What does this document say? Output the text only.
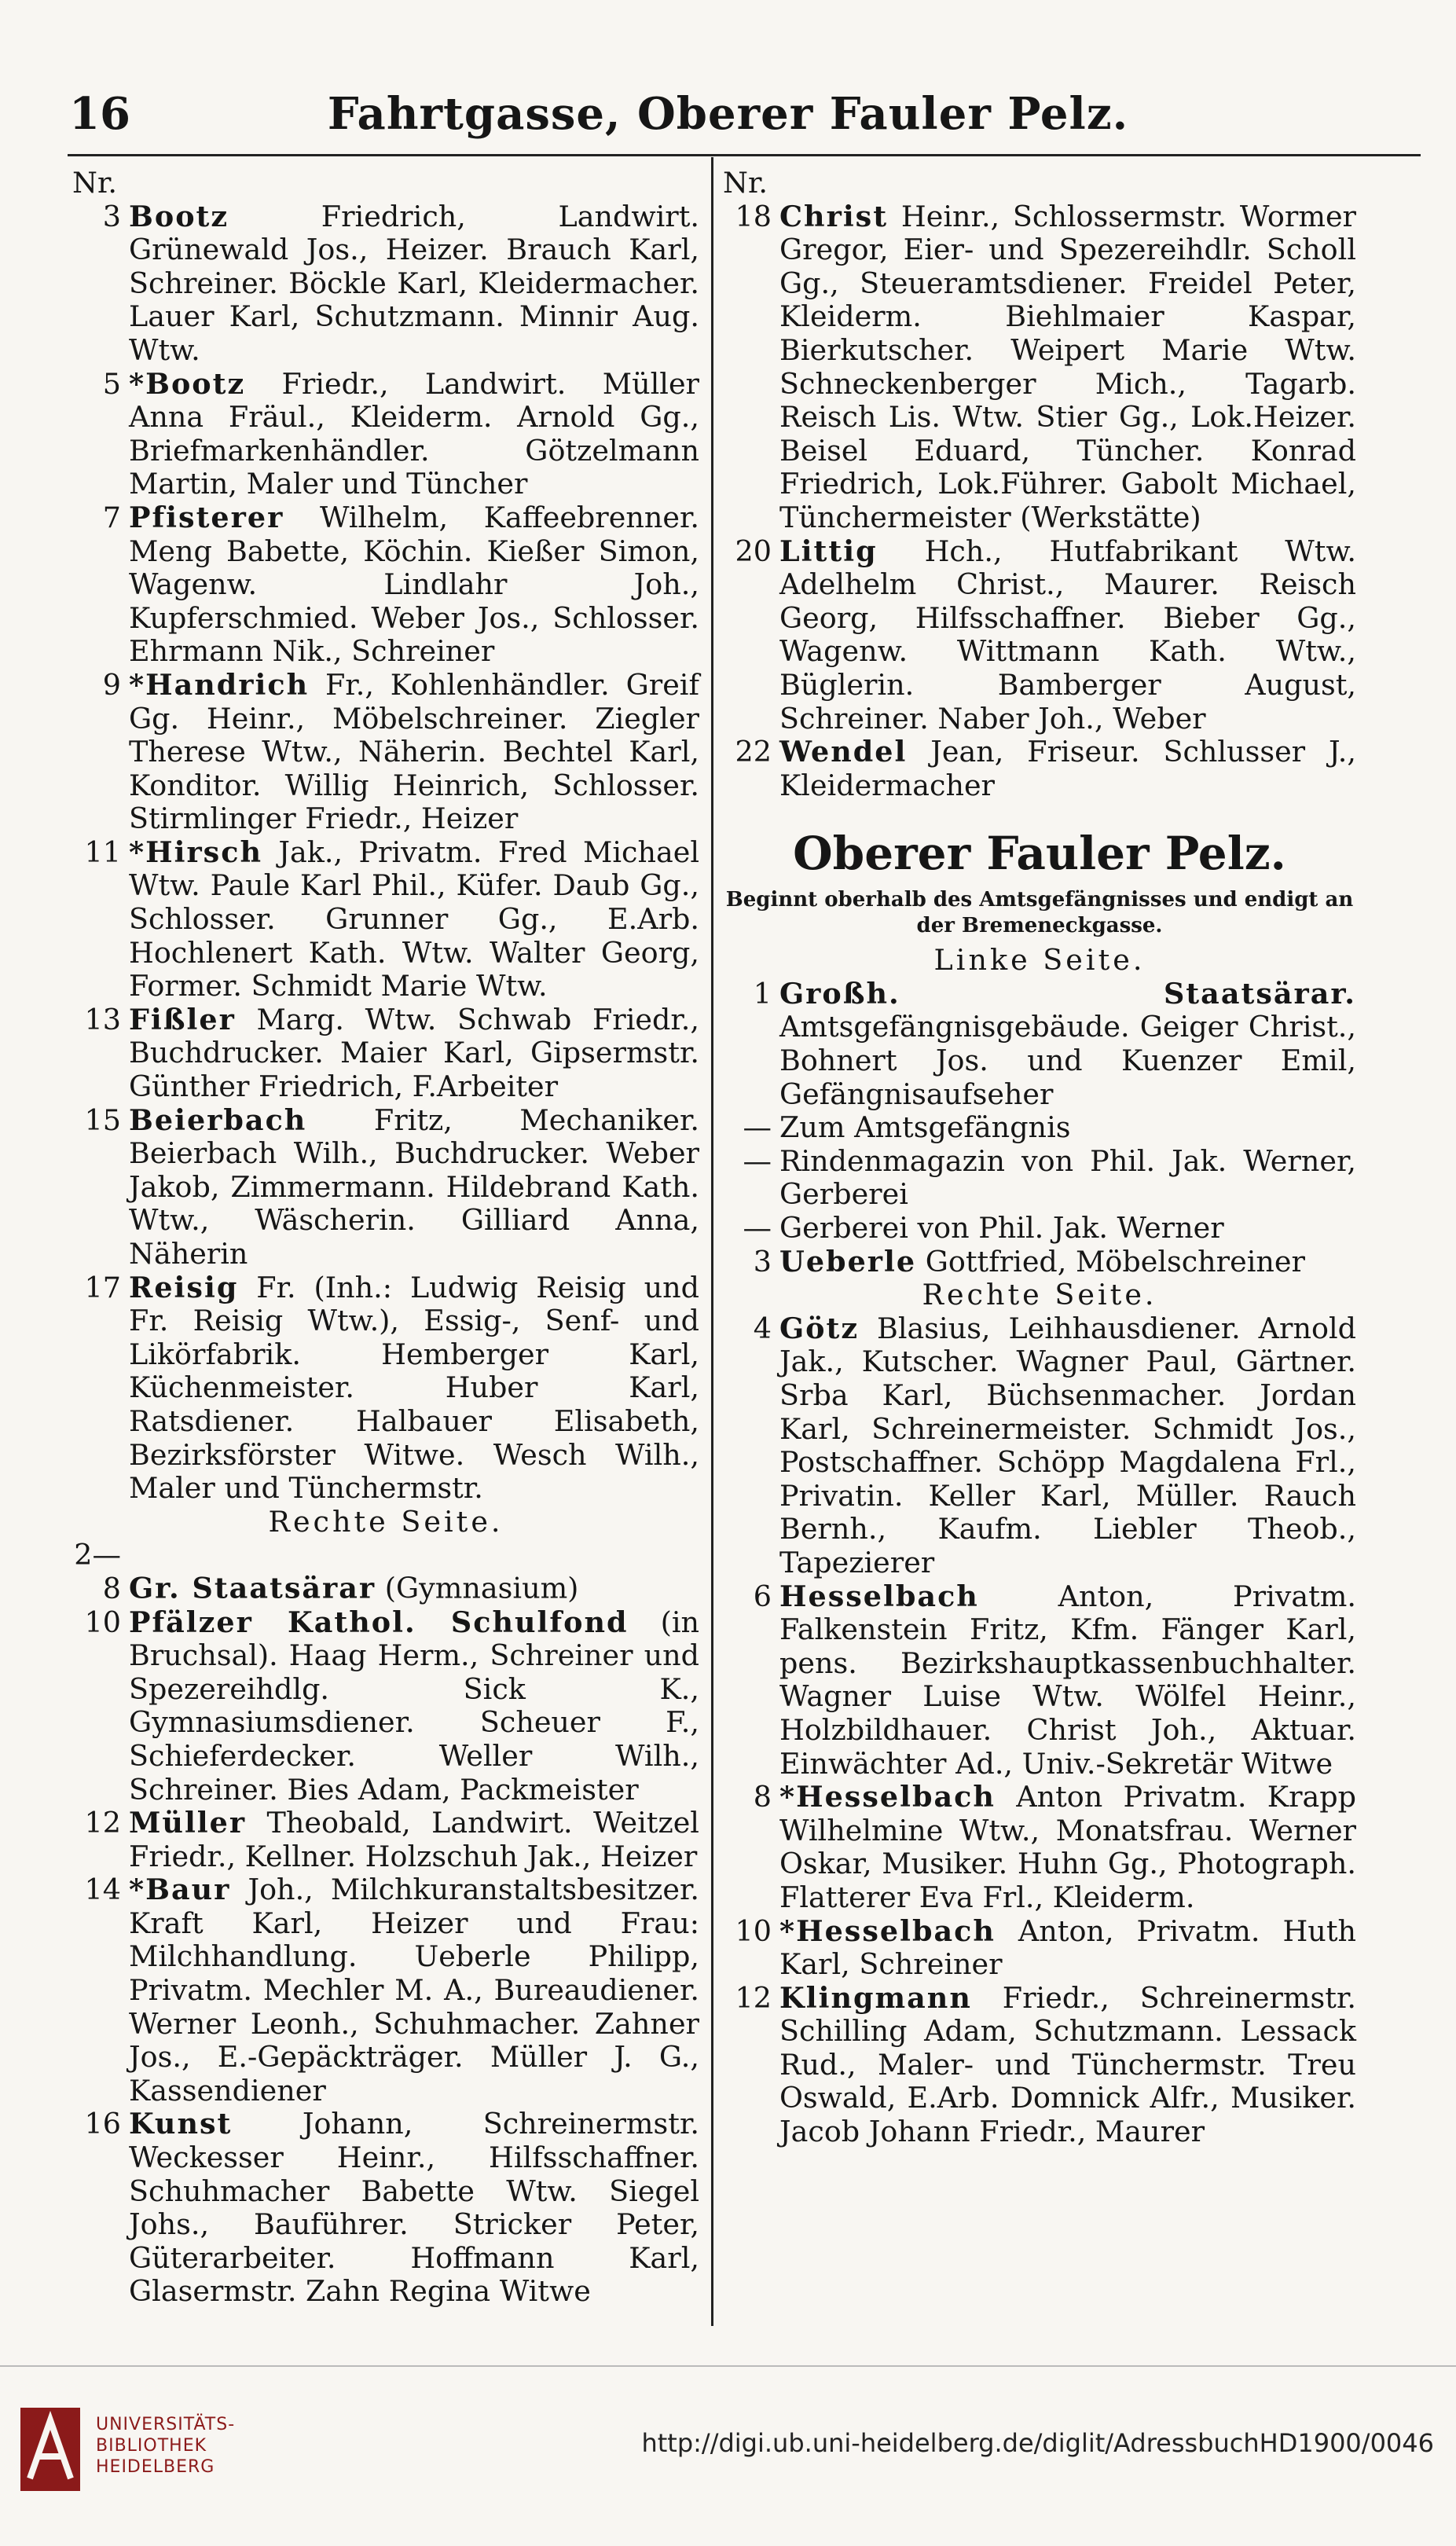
16	Fahrtgasse, Oberer Fauler Pelz.

Nr.

3 Bootz	Friedrich, Landwirt. Grünewald Jos., Heizer. Brauch Karl, Schreiner. Böckle Karl, Kleidermacher. Lauer Karl, Schutzmann. Minnir Aug. Wtw.

5 *Bootz Friedr., Landwirt. Müller Anna Fräul., Kleiderm. Arnold Gg., Briefmarkenhändler. Götzelmann Martin, Maler und Tüncher

7 Pfisterer Wilhelm, Kaffeebrenner. Meng Babette, Köchin. Kießer Simon, Wagenw. Lindlahr Joh., Kupferschmied. Weber Jos., Schlosser. Ehrmann Nik., Schreiner

9 *Handrich Fr., Kohlenhändler. Greif Gg. Heinr., Möbelschreiner. Ziegler Therese Wtw., Näherin. Bechtel Karl, Konditor. Willig Heinrich, Schlosser. Stirmlinger Friedr., Heizer

11 *Hirsch Jak., Privatm. Fred Michael Wtw. Paule Karl Phil., Küfer. Daub Gg., Schlosser. Grunner Gg., E.Arb. Hochlenert Kath. Wtw. Walter Georg, Former. Schmidt Marie Wtw.

13 Fißler Marg. Wtw. Schwab Friedr., Buchdrucker. Maier Karl, Gipsermstr. Günther Friedrich, F.Arbeiter

15 Beierbach Fritz, Mechaniker. Beierbach Wilh., Buchdrucker. Weber Jakob, Zimmermann. Hildebrand Kath. Wtw., Wäscherin. Gilliard Anna, Näherin

17 Reisig Fr. (Inh.: Ludwig Reisig und Fr. Reisig Wtw.), Essig-, Senf- und Likörfabrik. Hemberger Karl, Küchenmeister. Huber Karl, Ratsdiener. Halbauer Elisabeth, Bezirksförster Witwe. Wesch Wilh., Maler und Tünchermstr.

Rechte Seite.

2—8 Gr. Staatsärar (Gymnasium)

10 Pfälzer Kathol. Schulfond (in Bruchsal). Haag Herm., Schreiner und Spezereihdlg. Sick K., Gymnasiumsdiener. Scheuer F., Schieferdecker. Weller Wilh., Schreiner. Bies Adam, Packmeister

12 Müller Theobald, Landwirt. Weitzel Friedr., Kellner. Holzschuh Jak., Heizer

14 *Baur Joh., Milchkuranstaltsbesitzer. Kraft Karl, Heizer und Frau: Milchhandlung. Ueberle Philipp, Privatm. Mechler M. A., Bureaudiener. Werner Leonh., Schuhmacher. Zahner Jos., E.-Gepäckträger. Müller J. G., Kassendiener

16 Kunst Johann, Schreinermstr. Weckesser Heinr., Hilfsschaffner. Schuhmacher Babette Wtw. Siegel Johs., Bauführer. Stricker Peter, Güterarbeiter. Hoffmann Karl, Glasermstr. Zahn Regina Witwe

Nr.

18 Christ Heinr., Schlossermstr. Wormer Gregor, Eier- und Spezereihdlr. Scholl Gg., Steueramtsdiener. Freidel Peter, Kleiderm. Biehlmaier Kaspar, Bierkutscher. Weipert Marie Wtw. Schneckenberger Mich., Tagarb. Reisch Lis. Wtw. Stier Gg., Lok.Heizer. Beisel Eduard, Tüncher. Konrad Friedrich, Lok.Führer. Gabolt Michael, Tünchermeister (Werkstätte)

20 Littig Hch., Hutfabrikant Wtw. Adelhelm Christ., Maurer. Reisch Georg, Hilfsschaffner. Bieber Gg., Wagenw. Wittmann Kath. Wtw., Büglerin. Bamberger August, Schreiner. Naber Joh., Weber

22 Wendel Jean, Friseur. Schlusser J., Kleidermacher

Oberer Fauler Pelz.
Beginnt oberhalb des Amtsgefängnisses und endigt an der Bremeneckgasse.

Linke Seite.

1 Großh. Staatsärar. Amtsgefängnisgebäude. Geiger Christ., Bohnert Jos. und Kuenzer Emil, Gefängnisaufseher

— Zum Amtsgefängnis

— Rindenmagazin von Phil. Jak. Werner, Gerberei

— Gerberei von Phil. Jak. Werner

3 Ueberle Gottfried, Möbelschreiner

Rechte Seite.

4 Götz Blasius, Leihhausdiener. Arnold Jak., Kutscher. Wagner Paul, Gärtner. Srba Karl, Büchsenmacher. Jordan Karl, Schreinermeister. Schmidt Jos., Postschaffner. Schöpp Magdalena Frl., Privatin. Keller Karl, Müller. Rauch Bernh., Kaufm. Liebler Theob., Tapezierer

6 Hesselbach	Anton, Privatm. Falkenstein Fritz, Kfm. Fänger Karl, pens. Bezirkshauptkassenbuchhalter. Wagner Luise Wtw. Wölfel Heinr., Holzbildhauer. Christ Joh., Aktuar. Einwächter Ad., Univ.-Sekretär Witwe

8 *Hesselbach Anton Privatm. Krapp Wilhelmine Wtw., Monatsfrau. Werner Oskar, Musiker. Huhn Gg., Photograph. Flatterer Eva Frl., Kleiderm.

10 *Hesselbach Anton, Privatm. Huth Karl, Schreiner

12 Klingmann Friedr., Schreinermstr. Schilling Adam, Schutzmann. Lessack Rud., Maler- und Tünchermstr. Treu Oswald, E.Arb. Domnick Alfr., Musiker. Jacob Johann Friedr., Maurer

UNIVERSITÄTS-
BIBLIOTHEK
HEIDELBERG
http://digi.ub.uni-heidelberg.de/diglit/AdressbuchHD1900/0046
